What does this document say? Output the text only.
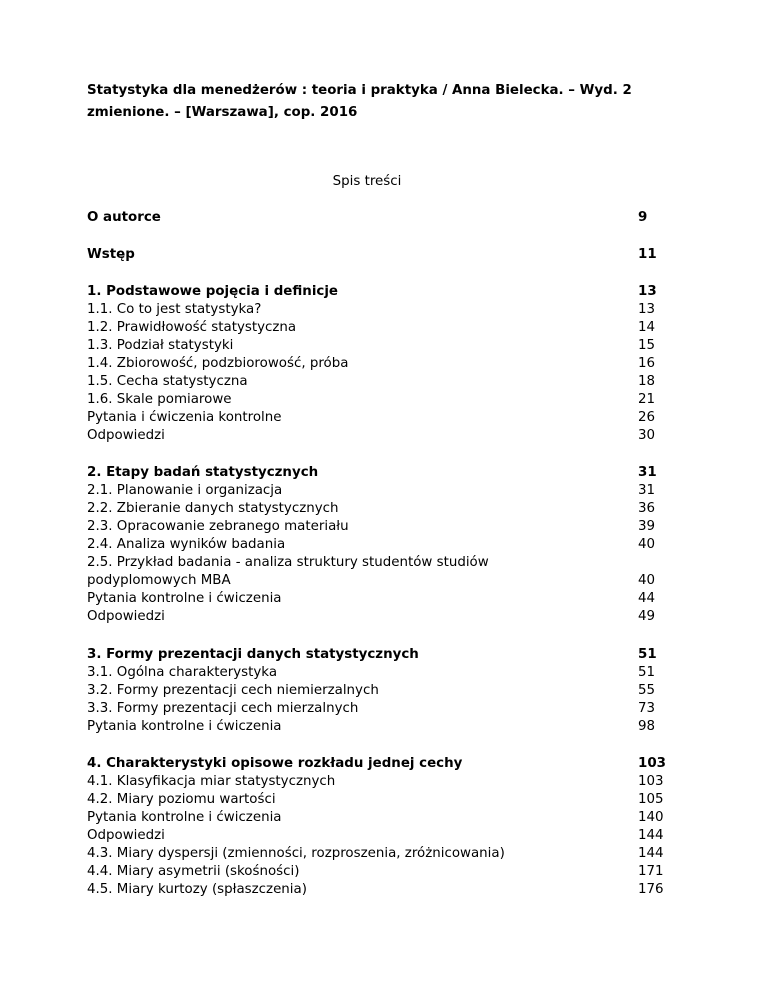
Statystyka dla menedżerów : teoria i praktyka / Anna Bielecka. – Wyd. 2 zmienione. – [Warszawa], cop. 2016

Spis treści

O autorce	9
Wstęp	11
1. Podstawowe pojęcia i definicje	13
1.1. Co to jest statystyka?	13
1.2. Prawidłowość statystyczna	14
1.3. Podział statystyki	15
1.4. Zbiorowość, podzbiorowość, próba	16
1.5. Cecha statystyczna	18
1.6. Skale pomiarowe	21
Pytania i ćwiczenia kontrolne	26
Odpowiedzi	30
2. Etapy badań statystycznych	31
2.1. Planowanie i organizacja	31
2.2. Zbieranie danych statystycznych	36
2.3. Opracowanie zebranego materiału	39
2.4. Analiza wyników badania	40
2.5. Przykład badania - analiza struktury studentów studiów podyplomowych MBA	40
Pytania kontrolne i ćwiczenia	44
Odpowiedzi	49
3. Formy prezentacji danych statystycznych	51
3.1. Ogólna charakterystyka	51
3.2. Formy prezentacji cech niemierzalnych	55
3.3. Formy prezentacji cech mierzalnych	73
Pytania kontrolne i ćwiczenia	98
4. Charakterystyki opisowe rozkładu jednej cechy	103
4.1. Klasyfikacja miar statystycznych	103
4.2. Miary poziomu wartości	105
Pytania kontrolne i ćwiczenia	140
Odpowiedzi	144
4.3. Miary dyspersji (zmienności, rozproszenia, zróżnicowania)	144
4.4. Miary asymetrii (skośności)	171
4.5. Miary kurtozy (spłaszczenia)	176
